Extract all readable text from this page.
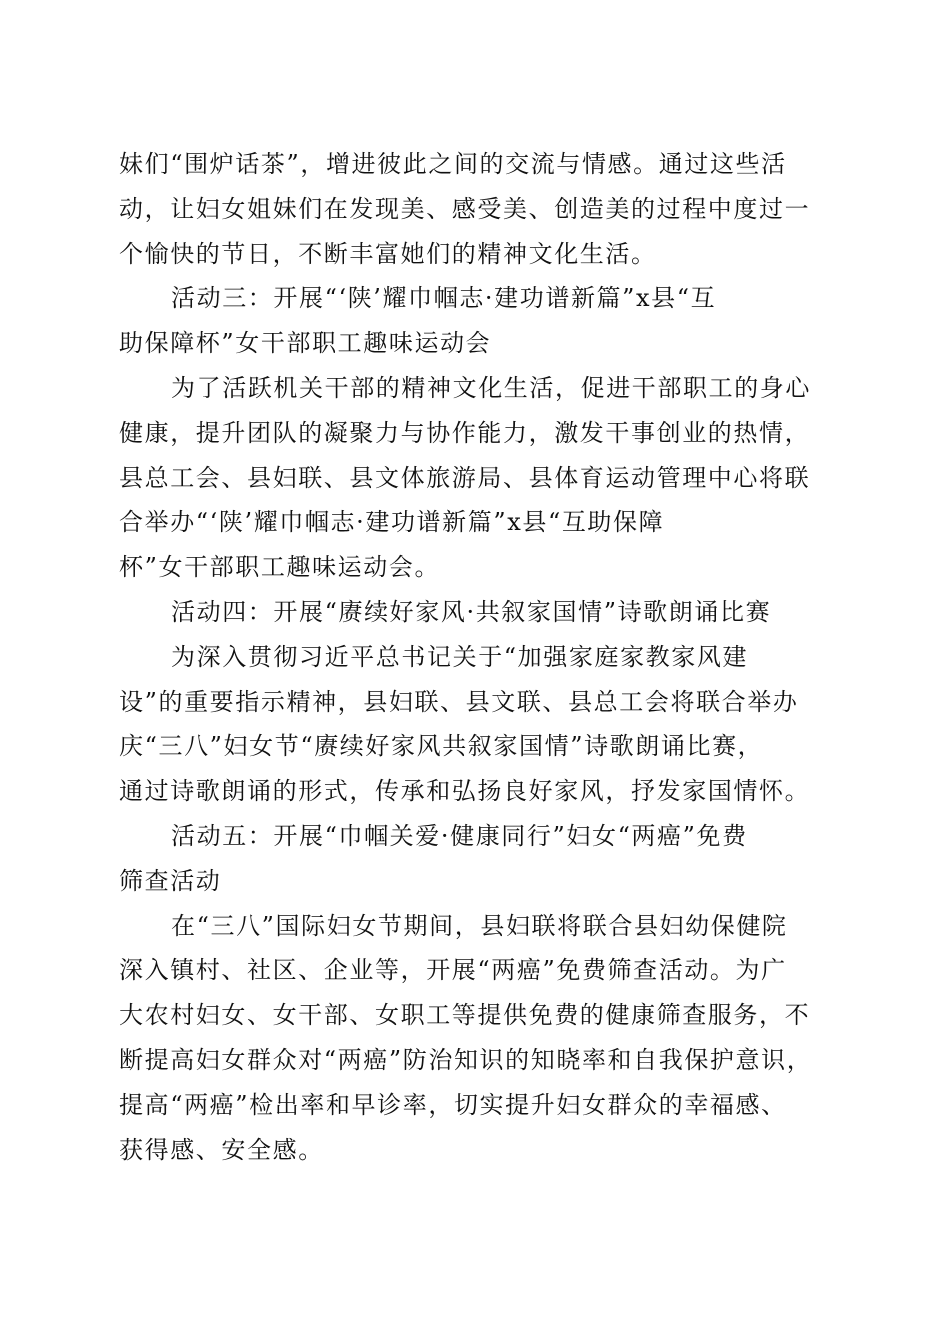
妹们“围炉话茶”，增进彼此之间的交流与情感。通过这些活
动，让妇女姐妹们在发现美、感受美、创造美的过程中度过一
个愉快的节日，不断丰富她们的精神文化生活。
活动三：开展“‘陕’耀巾帼志·建功谱新篇”x县“互
助保障杯”女干部职工趣味运动会
为了活跃机关干部的精神文化生活，促进干部职工的身心
健康，提升团队的凝聚力与协作能力，激发干事创业的热情，
县总工会、县妇联、县文体旅游局、县体育运动管理中心将联
合举办“‘陕’耀巾帼志·建功谱新篇”x县“互助保障
杯”女干部职工趣味运动会。
活动四：开展“赓续好家风·共叙家国情”诗歌朗诵比赛
为深入贯彻习近平总书记关于“加强家庭家教家风建
设”的重要指示精神，县妇联、县文联、县总工会将联合举办
庆“三八”妇女节“赓续好家风共叙家国情”诗歌朗诵比赛，
通过诗歌朗诵的形式，传承和弘扬良好家风，抒发家国情怀。
活动五：开展“巾帼关爱·健康同行”妇女“两癌”免费
筛查活动
在“三八”国际妇女节期间，县妇联将联合县妇幼保健院
深入镇村、社区、企业等，开展“两癌”免费筛查活动。为广
大农村妇女、女干部、女职工等提供免费的健康筛查服务，不
断提高妇女群众对“两癌”防治知识的知晓率和自我保护意识，
提高“两癌”检出率和早诊率，切实提升妇女群众的幸福感、
获得感、安全感。
